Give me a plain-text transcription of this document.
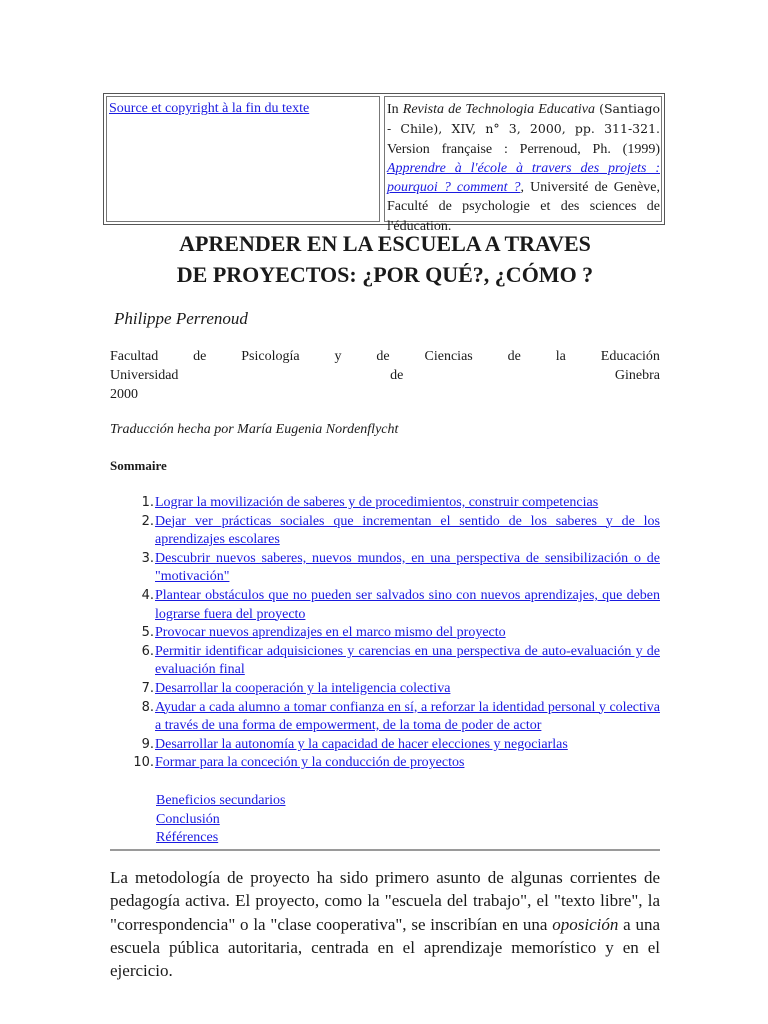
Source et copyright à la fin du texte	In Revista de Technologia Educativa (Santiago - Chile), XIV, n° 3, 2000, pp. 311-321. Version française : Perrenoud, Ph. (1999) Apprendre à l'école à travers des projets : pourquoi ? comment ?, Université de Genève, Faculté de psychologie et des sciences de l'éducation.
APRENDER EN LA ESCUELA A TRAVES
DE PROYECTOS: ¿POR QUÉ?, ¿CÓMO ?
Philippe Perrenoud
Facultad de Psicología y de Ciencias de la Educación
Universidad	de	Ginebra
2000
Traducción hecha por María Eugenia Nordenflycht
Sommaire
1. Lograr la movilización de saberes y de procedimientos, construir competencias
2. Dejar ver prácticas sociales que incrementan el sentido de los saberes y de los aprendizajes escolares
3. Descubrir nuevos saberes, nuevos mundos, en una perspectiva de sensibilización o de "motivación"
4. Plantear obstáculos que no pueden ser salvados sino con nuevos aprendizajes, que deben lograrse fuera del proyecto
5. Provocar nuevos aprendizajes en el marco mismo del proyecto
6. Permitir identificar adquisiciones y carencias en una perspectiva de auto-evaluación y de evaluación final
7. Desarrollar la cooperación y la inteligencia colectiva
8. Ayudar a cada alumno a tomar confianza en sí, a reforzar la identidad personal y colectiva a través de una forma de empowerment, de la toma de poder de actor
9. Desarrollar la autonomía y la capacidad de hacer elecciones y negociarlas
10. Formar para la conceción y la conducción de proyectos
Beneficios secundarios
Conclusión
Références

La metodología de proyecto ha sido primero asunto de algunas corrientes de pedagogía activa. El proyecto, como la "escuela del trabajo", el "texto libre", la "correspondencia" o la "clase cooperativa", se inscribían en una oposición a una escuela pública autoritaria, centrada en el aprendizaje memorístico y en el ejercicio.
